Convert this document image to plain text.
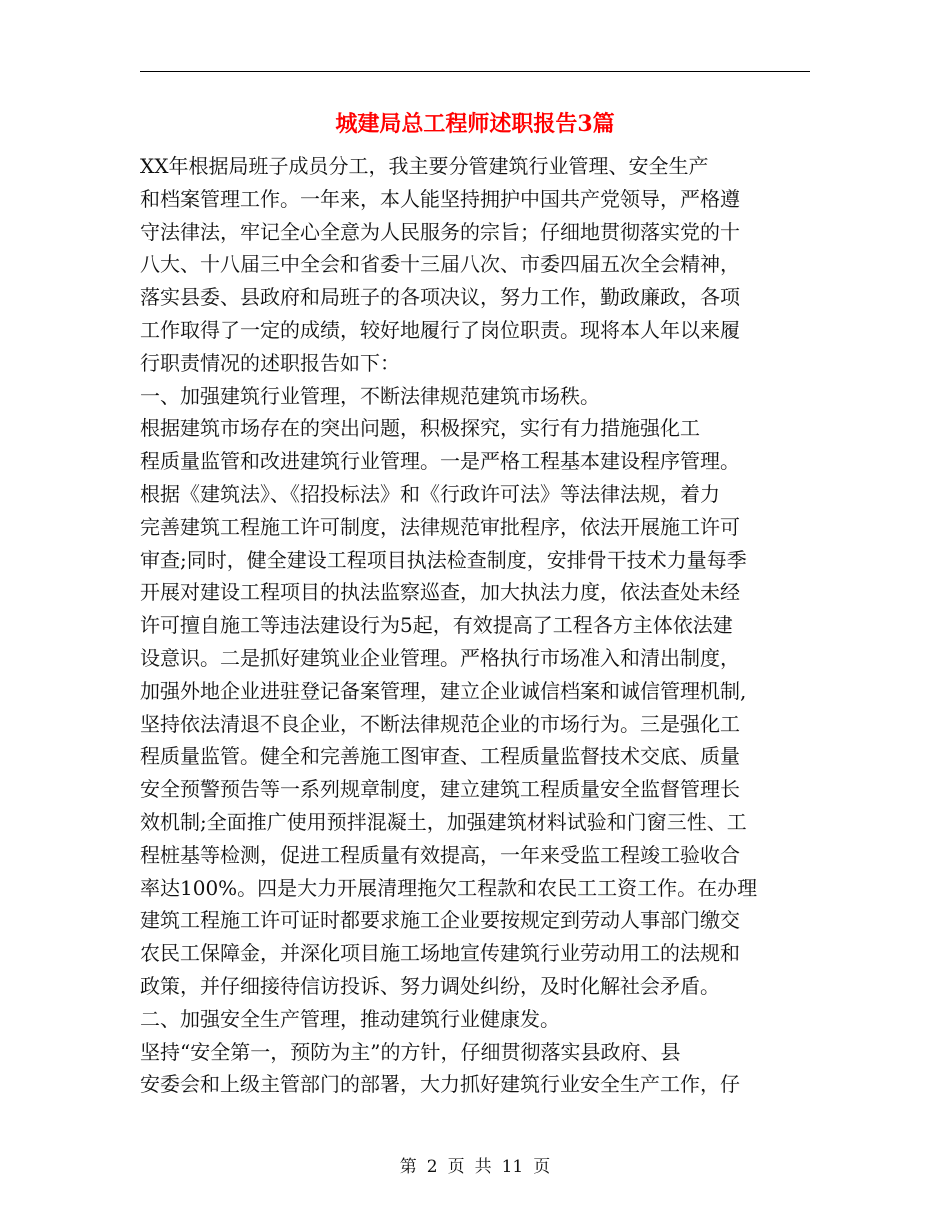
城建局总工程师述职报告3篇
XX年根据局班子成员分工，我主要分管建筑行业管理、安全生产
和档案管理工作。一年来，本人能坚持拥护中国共产党领导，严格遵
守法律法，牢记全心全意为人民服务的宗旨；仔细地贯彻落实党的十
八大、十八届三中全会和省委十三届八次、市委四届五次全会精神，
落实县委、县政府和局班子的各项决议，努力工作，勤政廉政，各项
工作取得了一定的成绩，较好地履行了岗位职责。现将本人年以来履
行职责情况的述职报告如下：
一、加强建筑行业管理，不断法律规范建筑市场秩。
根据建筑市场存在的突出问题，积极探究，实行有力措施强化工
程质量监管和改进建筑行业管理。一是严格工程基本建设程序管理。
根据《建筑法》、《招投标法》和《行政许可法》等法律法规，着力
完善建筑工程施工许可制度，法律规范审批程序，依法开展施工许可
审查;同时，健全建设工程项目执法检查制度，安排骨干技术力量每季
开展对建设工程项目的执法监察巡查，加大执法力度，依法查处未经
许可擅自施工等违法建设行为5起，有效提高了工程各方主体依法建
设意识。二是抓好建筑业企业管理。严格执行市场准入和清出制度，
加强外地企业进驻登记备案管理，建立企业诚信档案和诚信管理机制,
坚持依法清退不良企业，不断法律规范企业的市场行为。三是强化工
程质量监管。健全和完善施工图审查、工程质量监督技术交底、质量
安全预警预告等一系列规章制度，建立建筑工程质量安全监督管理长
效机制;全面推广使用预拌混凝土，加强建筑材料试验和门窗三性、工
程桩基等检测，促进工程质量有效提高，一年来受监工程竣工验收合
率达100%。四是大力开展清理拖欠工程款和农民工工资工作。在办理
建筑工程施工许可证时都要求施工企业要按规定到劳动人事部门缴交
农民工保障金，并深化项目施工场地宣传建筑行业劳动用工的法规和
政策，并仔细接待信访投诉、努力调处纠纷，及时化解社会矛盾。
二、加强安全生产管理，推动建筑行业健康发。
坚持“安全第一，预防为主”的方针，仔细贯彻落实县政府、县
安委会和上级主管部门的部署，大力抓好建筑行业安全生产工作，仔
第 2 页 共 11 页
